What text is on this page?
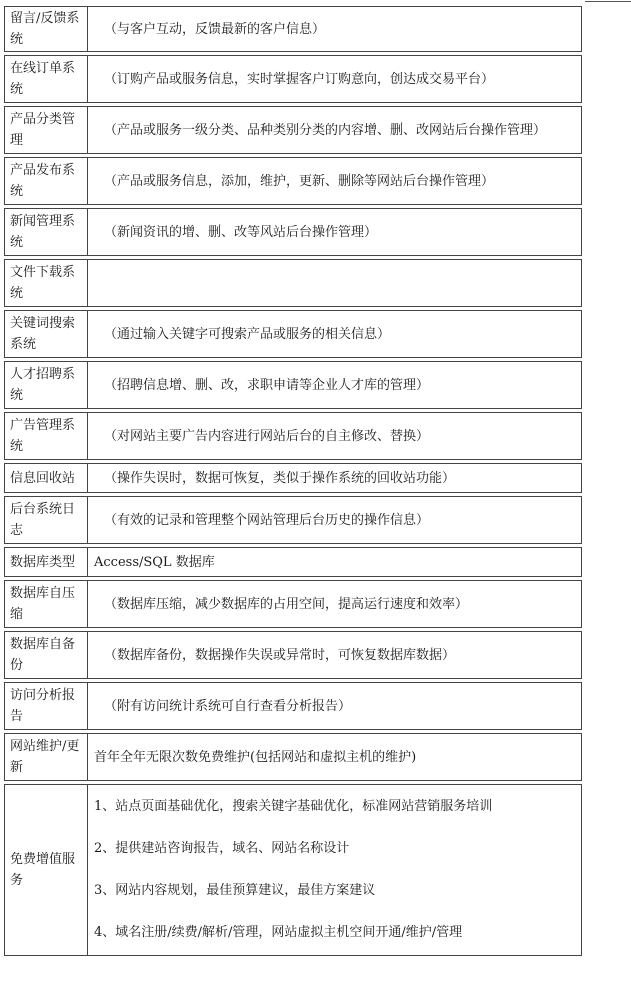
留言/反馈系统	（与客户互动，反馈最新的客户信息）
在线订单系统	（订购产品或服务信息，实时掌握客户订购意向，创达成交易平台）
产品分类管理	（产品或服务一级分类、品种类别分类的内容增、删、改网站后台操作管理）
产品发布系统	（产品或服务信息，添加，维护，更新、删除等网站后台操作管理）
新闻管理系统	（新闻资讯的增、删、改等风站后台操作管理）
文件下载系统	
关键词搜索系统	（通过输入关键字可搜索产品或服务的相关信息）
人才招聘系统	（招聘信息增、删、改，求职申请等企业人才库的管理）
广告管理系统	（对网站主要广告内容进行网站后台的自主修改、替换）
信息回收站	（操作失误时，数据可恢复，类似于操作系统的回收站功能）
后台系统日志	（有效的记录和管理整个网站管理后台历史的操作信息）
数据库类型	Access/SQL 数据库
数据库自压缩	（数据库压缩，减少数据库的占用空间，提高运行速度和效率）
数据库自备份	（数据库备份，数据操作失误或异常时，可恢复数据库数据）
访问分析报告	（附有访问统计系统可自行查看分析报告）
网站维护/更新	首年全年无限次数免费维护(包括网站和虚拟主机的维护)
免费增值服务	1、站点页面基础优化，搜索关键字基础优化，标准网站营销服务培训
2、提供建站咨询报告，域名、网站名称设计
3、网站内容规划，最佳预算建议，最佳方案建议
4、域名注册/续费/解析/管理，网站虚拟主机空间开通/维护/管理
